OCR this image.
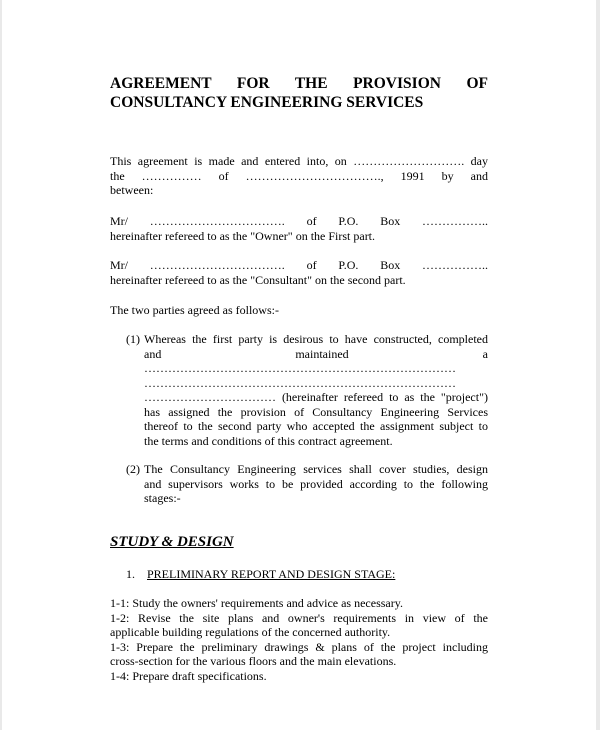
AGREEMENT FOR THE PROVISION OF
CONSULTANCY ENGINEERING SERVICES
This agreement is made and entered into, on ………………………. day
the …………… of ……………………………., 1991 by and
between:
Mr/ ……………………………. of P.O. Box ……………..
hereinafter refereed to as the "Owner" on the First part.
Mr/ ……………………………. of P.O. Box ……………..
hereinafter refereed to as the "Consultant" on the second part.
The two parties agreed as follows:-
(1) Whereas the first party is desirous to have constructed, completed
and maintained a
……………………………………………………………………
……………………………………………………………………
…………………………… (hereinafter refereed to as the "project")
has assigned the provision of Consultancy Engineering Services
thereof to the second party who accepted the assignment subject to
the terms and conditions of this contract agreement.
(2) The Consultancy Engineering services shall cover studies, design
and supervisors works to be provided according to the following
stages:-
STUDY & DESIGN
1. PRELIMINARY REPORT AND DESIGN STAGE:
1-1: Study the owners' requirements and advice as necessary.
1-2: Revise the site plans and owner's requirements in view of the
applicable building regulations of the concerned authority.
1-3: Prepare the preliminary drawings & plans of the project including
cross-section for the various floors and the main elevations.
1-4: Prepare draft specifications.
